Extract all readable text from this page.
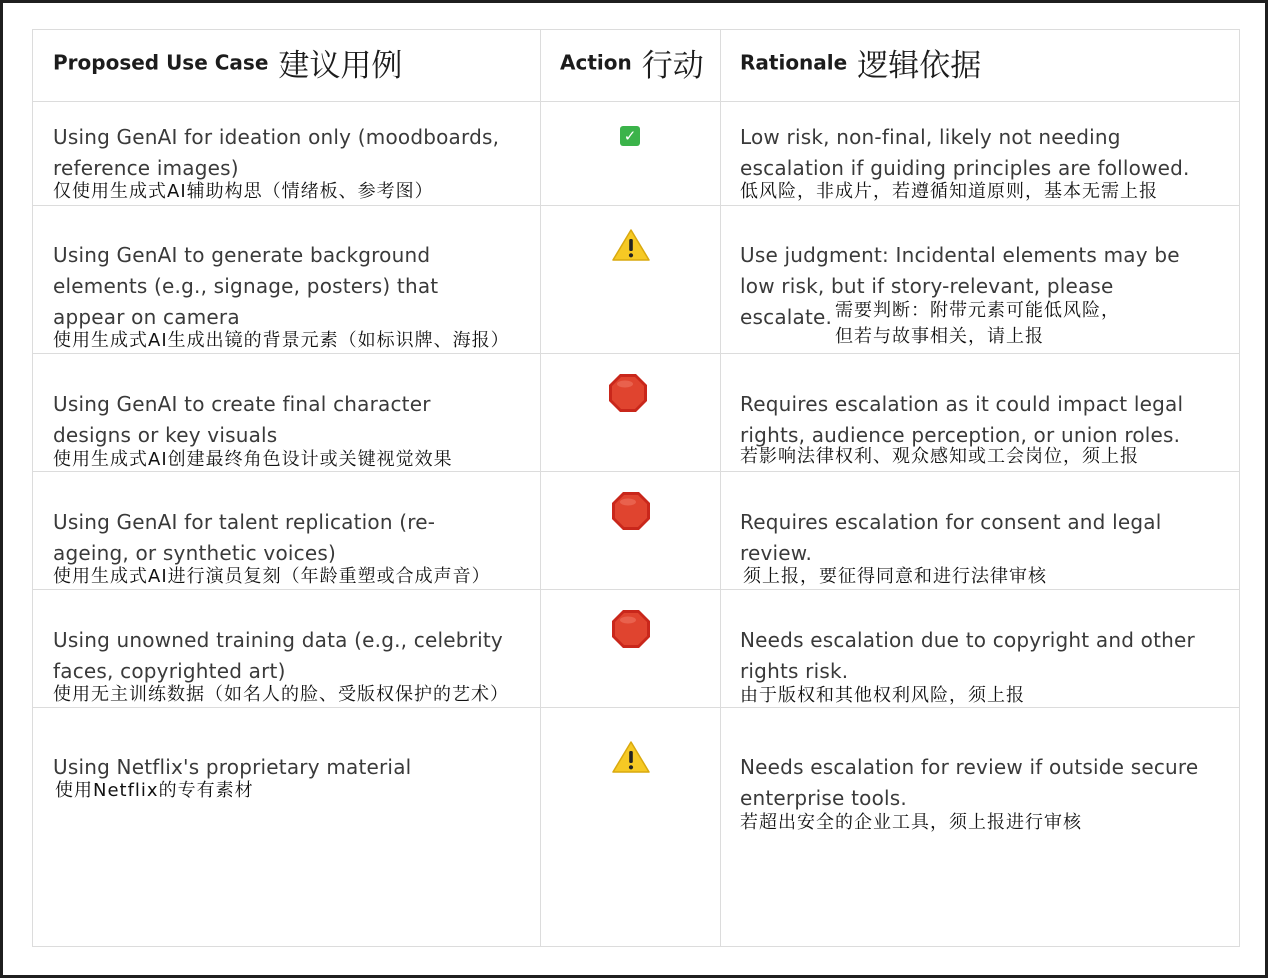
Proposed Use Case 建议用例	Action 行动 Rationale 逻辑依据
Using GenAI for ideation only (moodboards,
reference images)
仅使用生成式AI辅助构思（情绪板、参考图）
✓	Low risk, non-final, likely not needing
escalation if guiding principles are followed.
低风险，非成片，若遵循知道原则，基本无需上报
Using GenAI to generate background
elements (e.g., signage, posters) that
appear on camera
使用生成式AI生成出镜的背景元素（如标识牌、海报）
Use judgment: Incidental elements may be
low risk, but if story-relevant, please
escalate. 需要判断：附带元素可能低风险，
但若与故事相关，请上报
Using GenAI to create final character
designs or key visuals
使用生成式AI创建最终角色设计或关键视觉效果
Requires escalation as it could impact legal
rights, audience perception, or union roles.
若影响法律权利、观众感知或工会岗位，须上报
Using GenAI for talent replication (re-
ageing, or synthetic voices)
使用生成式AI进行演员复刻（年龄重塑或合成声音）
Requires escalation for consent and legal
review.
须上报，要征得同意和进行法律审核
Using unowned training data (e.g., celebrity
faces, copyrighted art)
使用无主训练数据（如名人的脸、受版权保护的艺术）
Needs escalation due to copyright and other
rights risk.
由于版权和其他权利风险，须上报
Using Netflix's proprietary material
使用Netflix的专有素材
Needs escalation for review if outside secure
enterprise tools.
若超出安全的企业工具，须上报进行审核
